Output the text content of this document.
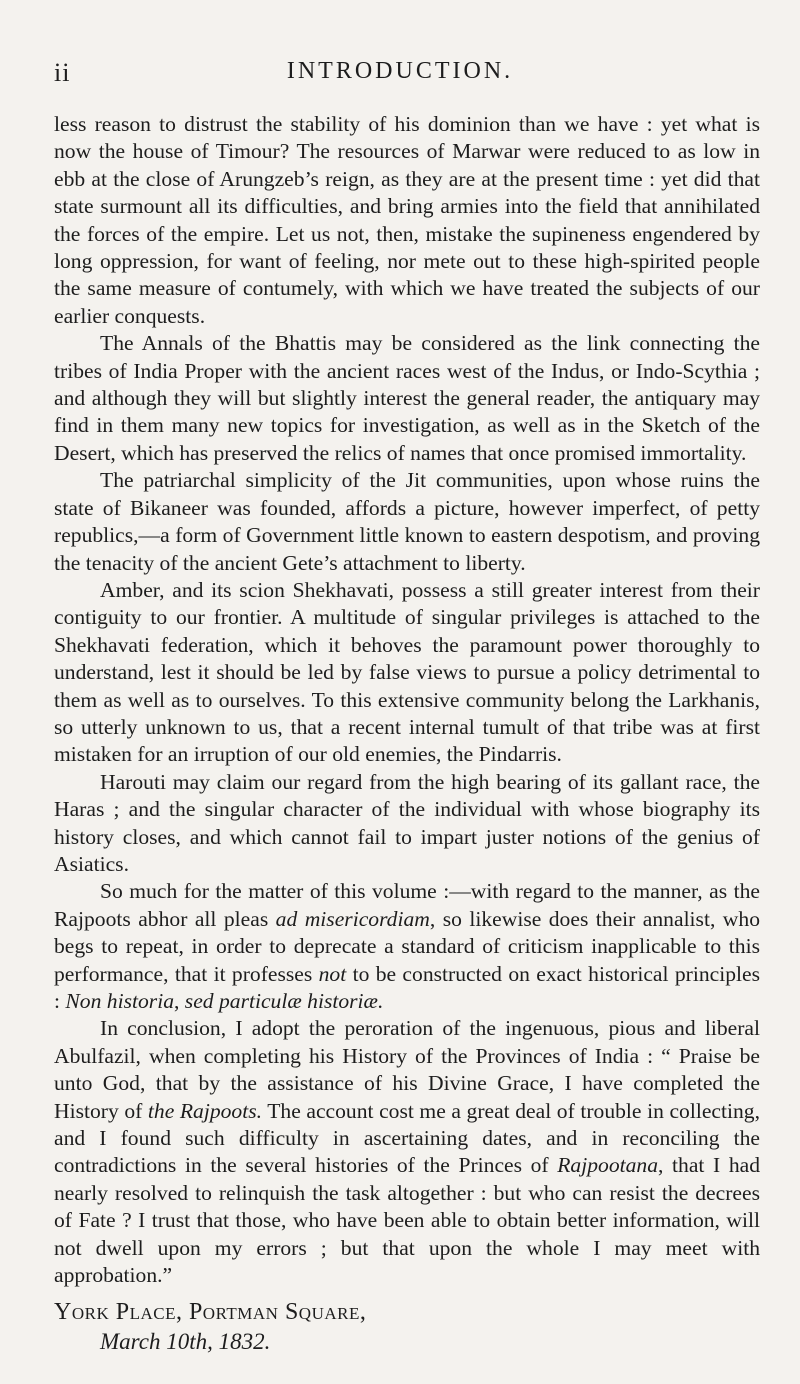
ii	INTRODUCTION.

less reason to distrust the stability of his dominion than we have : yet what is now the house of Timour? The resources of Marwar were reduced to as low in ebb at the close of Arungzeb’s reign, as they are at the present time : yet did that state surmount all its difficulties, and bring armies into the field that annihilated the forces of the empire. Let us not, then, mistake the supineness engendered by long oppression, for want of feeling, nor mete out to these high-spirited people the same measure of contumely, with which we have treated the subjects of our earlier conquests.

The Annals of the Bhattis may be considered as the link connecting the tribes of India Proper with the ancient races west of the Indus, or Indo-Scythia ; and although they will but slightly interest the general reader, the antiquary may find in them many new topics for investigation, as well as in the Sketch of the Desert, which has preserved the relics of names that once promised immortality.

The patriarchal simplicity of the Jit communities, upon whose ruins the state of Bikaneer was founded, affords a picture, however imperfect, of petty republics,—a form of Government little known to eastern despotism, and proving the tenacity of the ancient Gete’s attachment to liberty.

Amber, and its scion Shekhavati, possess a still greater interest from their contiguity to our frontier. A multitude of singular privileges is attached to the Shekhavati federation, which it behoves the paramount power thoroughly to understand, lest it should be led by false views to pursue a policy detrimental to them as well as to ourselves. To this extensive community belong the Larkhanis, so utterly unknown to us, that a recent internal tumult of that tribe was at first mistaken for an irruption of our old enemies, the Pindarris.

Harouti may claim our regard from the high bearing of its gallant race, the Haras ; and the singular character of the individual with whose biography its history closes, and which cannot fail to impart juster notions of the genius of Asiatics.

So much for the matter of this volume :—with regard to the manner, as the Rajpoots abhor all pleas ad misericordiam, so likewise does their annalist, who begs to repeat, in order to deprecate a standard of criticism inapplicable to this performance, that it professes not to be constructed on exact historical principles : Non historia, sed particulæ historiæ.

In conclusion, I adopt the peroration of the ingenuous, pious and liberal Abulfazil, when completing his History of the Provinces of India : “ Praise be unto God, that by the assistance of his Divine Grace, I have completed the History of the Rajpoots. The account cost me a great deal of trouble in collecting, and I found such difficulty in ascertaining dates, and in reconciling the contradictions in the several histories of the Princes of Rajpootana, that I had nearly resolved to relinquish the task altogether : but who can resist the decrees of Fate ? I trust that those, who have been able to obtain better information, will not dwell upon my errors ; but that upon the whole I may meet with approbation.”

York Place, Portman Square,
March 10th, 1832.
